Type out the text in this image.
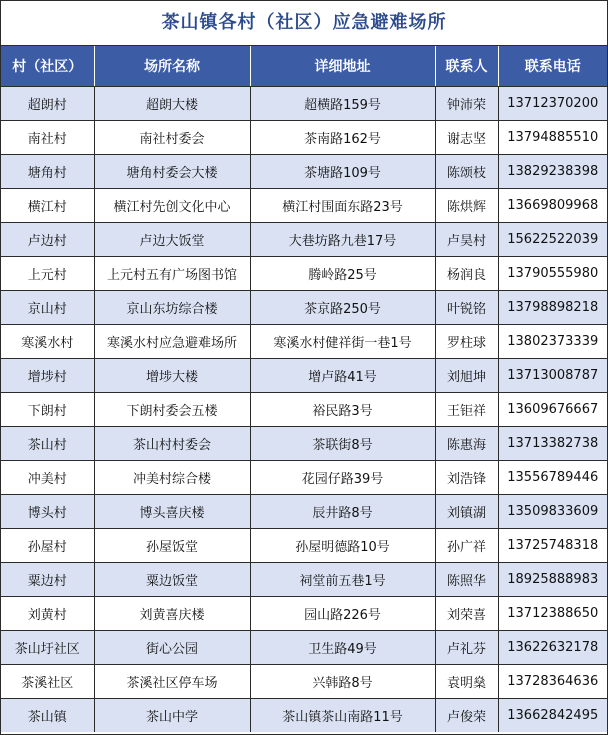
茶山镇各村（社区）应急避难场所
村（社区）	场所名称	详细地址	联系人	联系电话
超朗村	超朗大楼	超横路159号	钟沛荣	13712370200
南社村	南社村委会	茶南路162号	谢志坚	13794885510
塘角村	塘角村委会大楼	茶塘路109号	陈颂枝	13829238398
横江村	横江村先创文化中心	横江村围面东路23号	陈烘辉	13669809968
卢边村	卢边大饭堂	大巷坊路九巷17号	卢昊村	15622522039
上元村	上元村五有广场图书馆	腾岭路25号	杨润良	13790555980
京山村	京山东坊综合楼	茶京路250号	叶锐铭	13798898218
寒溪水村	寒溪水村应急避难场所	寒溪水村健祥街一巷1号	罗柱球	13802373339
增埗村	增埗大楼	增卢路41号	刘旭坤	13713008787
下朗村	下朗村委会五楼	裕民路3号	王钜祥	13609676667
茶山村	茶山村村委会	茶联街8号	陈惠海	13713382738
冲美村	冲美村综合楼	花园仔路39号	刘浩锋	13556789446
博头村	博头喜庆楼	辰井路8号	刘镇湖	13509833609
孙屋村	孙屋饭堂	孙屋明德路10号	孙广祥	13725748318
粟边村	粟边饭堂	祠堂前五巷1号	陈照华	18925888983
刘黄村	刘黄喜庆楼	园山路226号	刘荣喜	13712388650
茶山圩社区	街心公园	卫生路49号	卢礼芬	13622632178
茶溪社区	茶溪社区停车场	兴韩路8号	袁明燊	13728364636
茶山镇	茶山中学	茶山镇茶山南路11号	卢俊荣	13662842495
